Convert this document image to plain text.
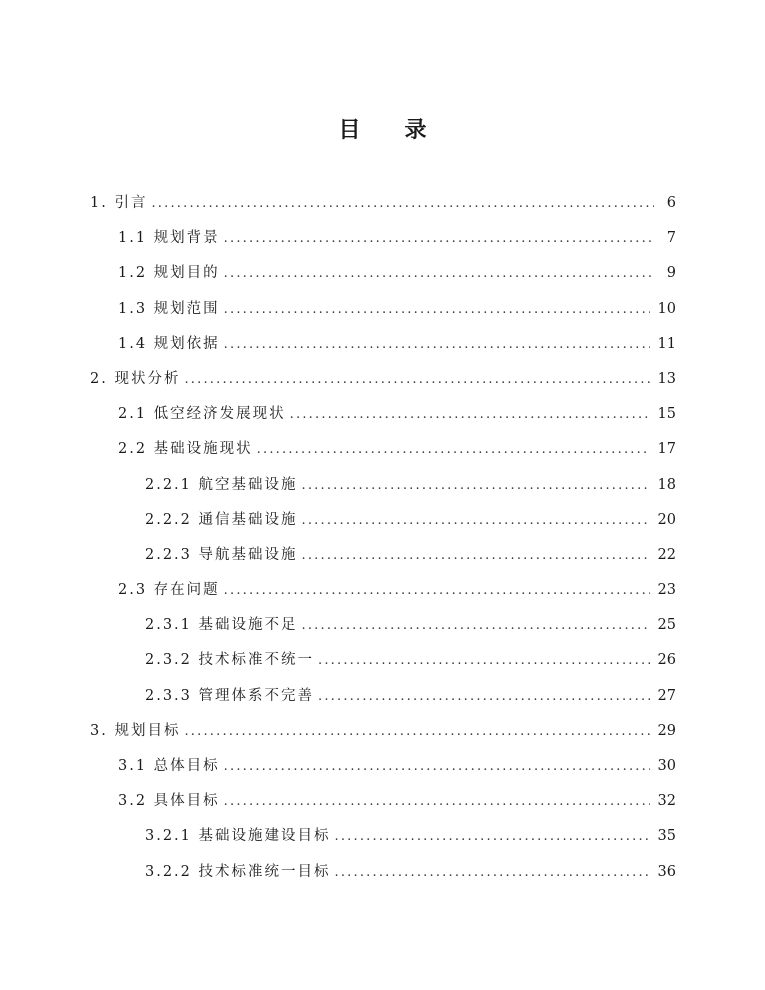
目录
1. 引言 .....	6
1.1 规划背景 .....	7
1.2 规划目的 .....	9
1.3 规划范围 .....	10
1.4 规划依据 .....	11
2. 现状分析 .....	13
2.1 低空经济发展现状 .....	15
2.2 基础设施现状 .....	17
2.2.1 航空基础设施 .....	18
2.2.2 通信基础设施 .....	20
2.2.3 导航基础设施 .....	22
2.3 存在问题 .....	23
2.3.1 基础设施不足 .....	25
2.3.2 技术标准不统一 .....	26
2.3.3 管理体系不完善 .....	27
3. 规划目标 .....	29
3.1 总体目标 .....	30
3.2 具体目标 .....	32
3.2.1 基础设施建设目标 .....	35
3.2.2 技术标准统一目标 .....	36
